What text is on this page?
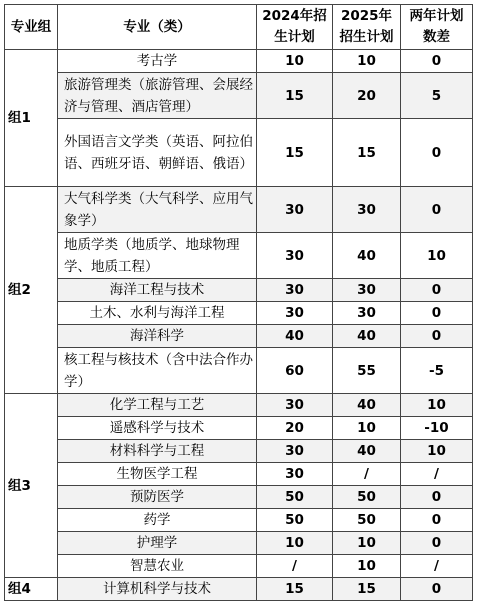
专业组	专业（类）	2024年招生计划	2025年招生计划	两年计划数差
组1	考古学	10	10	0
	旅游管理类（旅游管理、会展经济与管理、酒店管理）	15	20	5
	外国语言文学类（英语、阿拉伯语、西班牙语、朝鲜语、俄语）	15	15	0
组2	大气科学类（大气科学、应用气象学）	30	30	0
	地质学类（地质学、地球物理学、地质工程）	30	40	10
	海洋工程与技术	30	30	0
	土木、水利与海洋工程	30	30	0
	海洋科学	40	40	0
	核工程与核技术（含中法合作办学）	60	55	-5
组3	化学工程与工艺	30	40	10
	遥感科学与技术	20	10	-10
	材料科学与工程	30	40	10
	生物医学工程	30	/	/
	预防医学	50	50	0
	药学	50	50	0
	护理学	10	10	0
	智慧农业	/	10	/
组4	计算机科学与技术	15	15	0
